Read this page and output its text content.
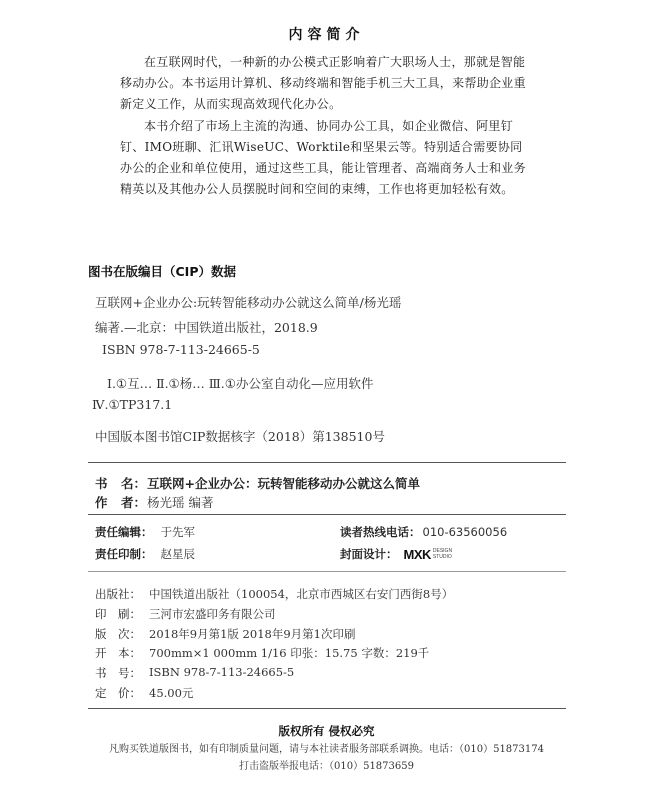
内容简介

在互联网时代，一种新的办公模式正影响着广大职场人士，那就是智能移动办公。本书运用计算机、移动终端和智能手机三大工具，来帮助企业重新定义工作，从而实现高效现代化办公。

本书介绍了市场上主流的沟通、协同办公工具，如企业微信、阿里钉钉、IMO班聊、汇讯WiseUC、Worktile和坚果云等。特别适合需要协同办公的企业和单位使用，通过这些工具，能让管理者、高端商务人士和业务精英以及其他办公人员摆脱时间和空间的束缚，工作也将更加轻松有效。

图书在版编目（CIP）数据
互联网+企业办公:玩转智能移动办公就这么简单/杨光瑶
编著.—北京：中国铁道出版社，2018.9
ISBN 978-7-113-24665-5
Ⅰ.①互… Ⅱ.①杨… Ⅲ.①办公室自动化—应用软件
Ⅳ.①TP317.1
中国版本图书馆CIP数据核字（2018）第138510号
书 名： 互联网+企业办公：玩转智能移动办公就这么简单
作 者： 杨光瑶 编著
责任编辑： 于先军
责任印制： 赵星辰
读者热线电话： 010-63560056
封面设计： MXK DESIGN
STUDIO
出 版 社： 中国铁道出版社（100054，北京市西城区右安门西街8号）
印 刷： 三河市宏盛印务有限公司
版 次： 2018年9月第1版 2018年9月第1次印刷
开 本： 700mm×1 000mm 1/16 印张：15.75 字数：219千
书 号： ISBN 978-7-113-24665-5
定 价： 45.00元
版权所有 侵权必究
凡购买铁道版图书，如有印制质量问题，请与本社读者服务部联系调换。电话：（010）51873174
打击盗版举报电话：（010）51873659
